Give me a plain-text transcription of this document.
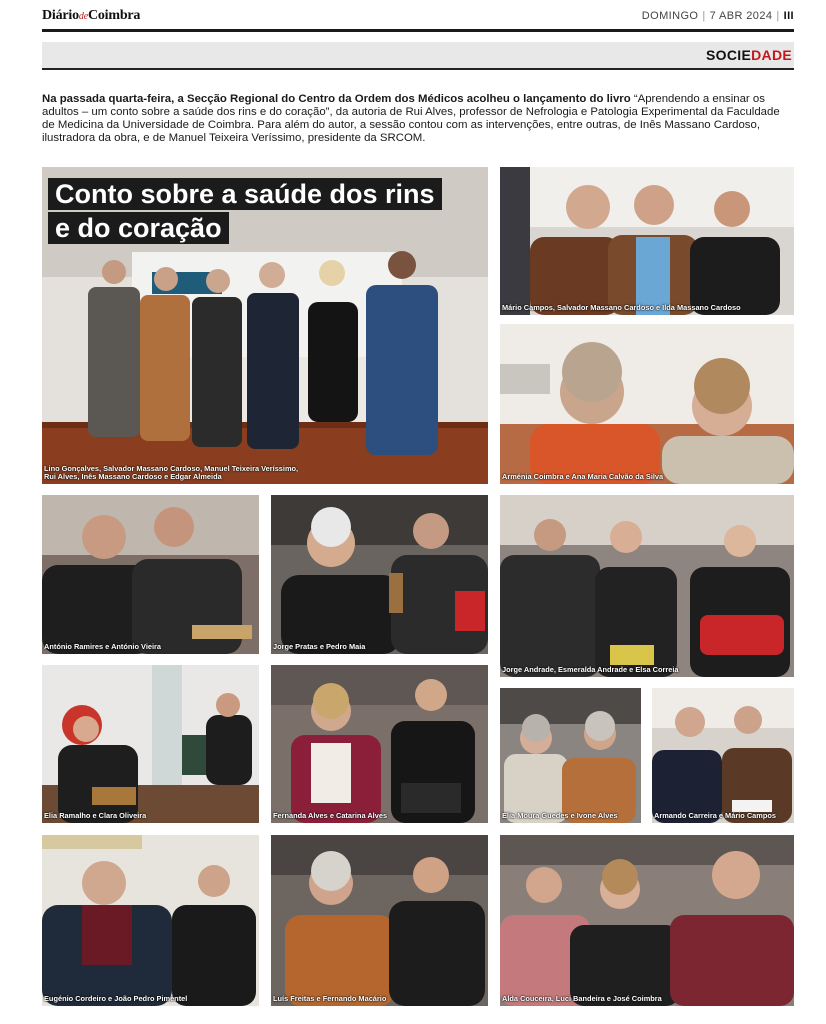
DiáriodeCoimbra	DOMINGO | 7 ABR 2024 | III
SOCIEDADE
Na passada quarta-feira, a Secção Regional do Centro da Ordem dos Médicos acolheu o lançamento do livro “Aprendendo a ensinar os adultos – um conto sobre a saúde dos rins e do coração”, da autoria de Rui Alves, professor de Nefrologia e Patologia Experimental da Faculdade de Medicina da Universidade de Coimbra. Para além do autor, a sessão contou com as intervenções, entre outras, de Inês Massano Cardoso, ilustradora da obra, e de Manuel Teixeira Veríssimo, presidente da SRCOM.
Conto sobre a saúde dos rins
e do coração
Lino Gonçalves, Salvador Massano Cardoso, Manuel Teixeira Veríssimo,
Rui Alves, Inês Massano Cardoso e Edgar Almeida
Mário Campos, Salvador Massano Cardoso e Ilda Massano Cardoso
Arménia Coimbra e Ana Maria Calvão da Silva
António Ramires e António Vieira	Jorge Pratas e Pedro Maia
Jorge Andrade, Esmeralda Andrade e Elsa Correia
Elia Ramalho e Clara Oliveira	Fernanda Alves e Catarina Alves	Elia Moura Guedes e Ivone Alves	Armando Carreira e Mário Campos
Eugénio Cordeiro e João Pedro Pimentel	Luís Freitas e Fernando Macário	Alda Couceira, Luci Bandeira e José Coimbra
